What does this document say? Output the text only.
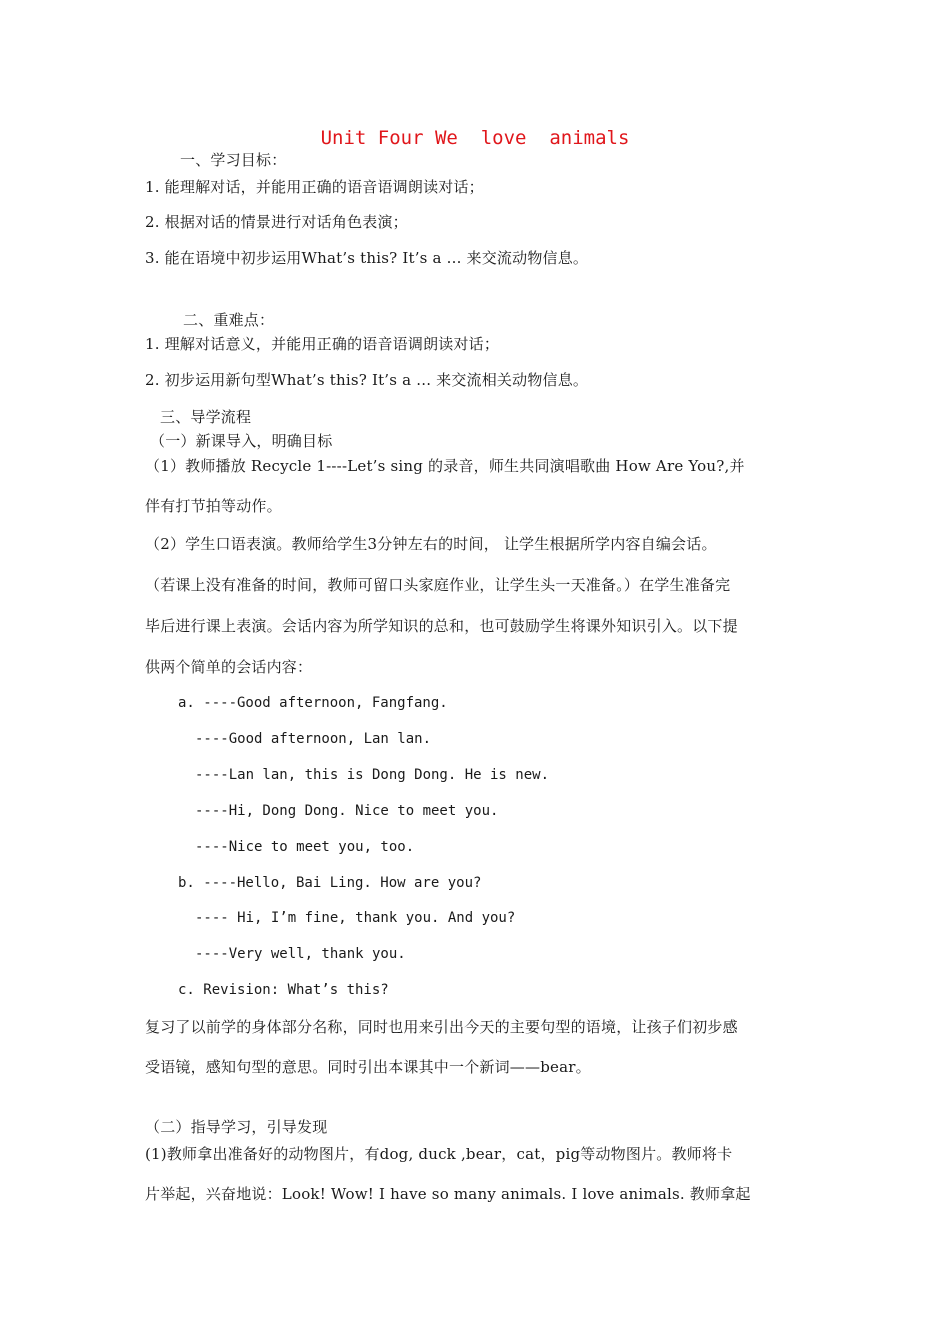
Unit Four We  love  animals
一、学习目标：
1. 能理解对话，并能用正确的语音语调朗读对话；
2. 根据对话的情景进行对话角色表演；
3. 能在语境中初步运用What’s this? It’s a ... 来交流动物信息。
二、重难点：
1. 理解对话意义，并能用正确的语音语调朗读对话；
2. 初步运用新句型What’s this? It’s a ... 来交流相关动物信息。
三、导学流程
（一）新课导入，明确目标
（1）教师播放 Recycle 1----Let’s sing 的录音，师生共同演唱歌曲 How Are You?,并
伴有打节拍等动作。
（2）学生口语表演。教师给学生3分钟左右的时间， 让学生根据所学内容自编会话。
（若课上没有准备的时间，教师可留口头家庭作业，让学生头一天准备。）在学生准备完
毕后进行课上表演。会话内容为所学知识的总和，也可鼓励学生将课外知识引入。以下提
供两个简单的会话内容：
a. ----Good afternoon, Fangfang.
----Good afternoon, Lan lan.
----Lan lan, this is Dong Dong. He is new.
----Hi, Dong Dong. Nice to meet you.
----Nice to meet you, too.
b. ----Hello, Bai Ling. How are you?
---- Hi, I’m fine, thank you. And you?
----Very well, thank you.
c. Revision: What’s this?
复习了以前学的身体部分名称，同时也用来引出今天的主要句型的语境，让孩子们初步感
受语镜，感知句型的意思。同时引出本课其中一个新词——bear。
（二）指导学习，引导发现
(1)教师拿出准备好的动物图片，有dog, duck ,bear，cat，pig等动物图片。教师将卡
片举起，兴奋地说：Look! Wow! I have so many animals. I love animals. 教师拿起
